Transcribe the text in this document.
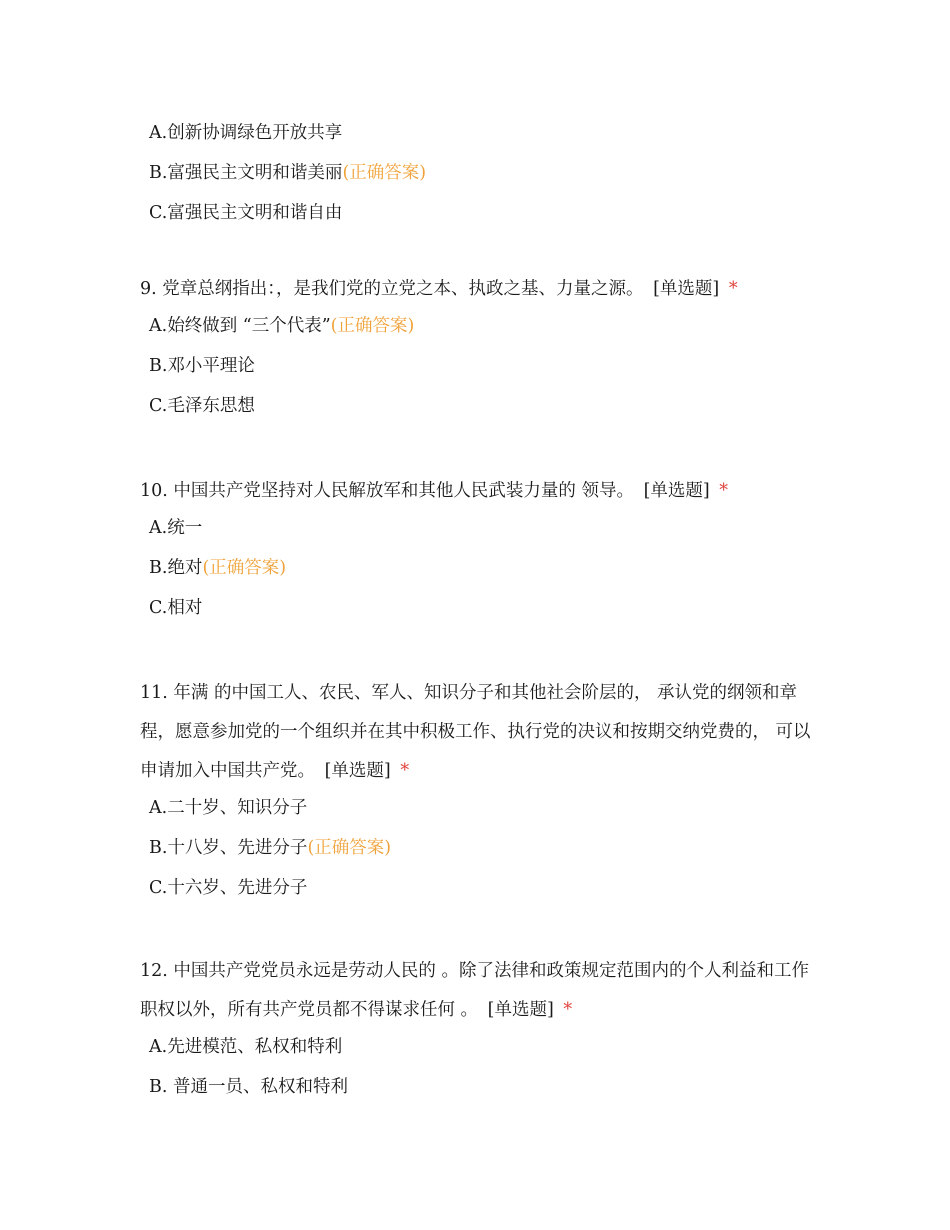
A.创新协调绿色开放共享
B.富强民主文明和谐美丽(正确答案)
C.富强民主文明和谐自由

9. 党章总纲指出：，是我们党的立党之本、执政之基、力量之源。 [单选题] *

A.始终做到 “三个代表”(正确答案)
B.邓小平理论
C.毛泽东思想

10. 中国共产党坚持对人民解放军和其他人民武装力量的 领导。 [单选题] *

A.统一
B.绝对(正确答案)
C.相对

11. 年满 的中国工人、农民、军人、知识分子和其他社会阶层的， 承认党的纲领和章程，愿意参加党的一个组织并在其中积极工作、执行党的决议和按期交纳党费的， 可以申请加入中国共产党。 [单选题] *

A.二十岁、知识分子
B.十八岁、先进分子(正确答案)
C.十六岁、先进分子

12. 中国共产党党员永远是劳动人民的 。除了法律和政策规定范围内的个人利益和工作职权以外，所有共产党员都不得谋求任何 。 [单选题] *

A.先进模范、私权和特利
B. 普通一员、私权和特利
